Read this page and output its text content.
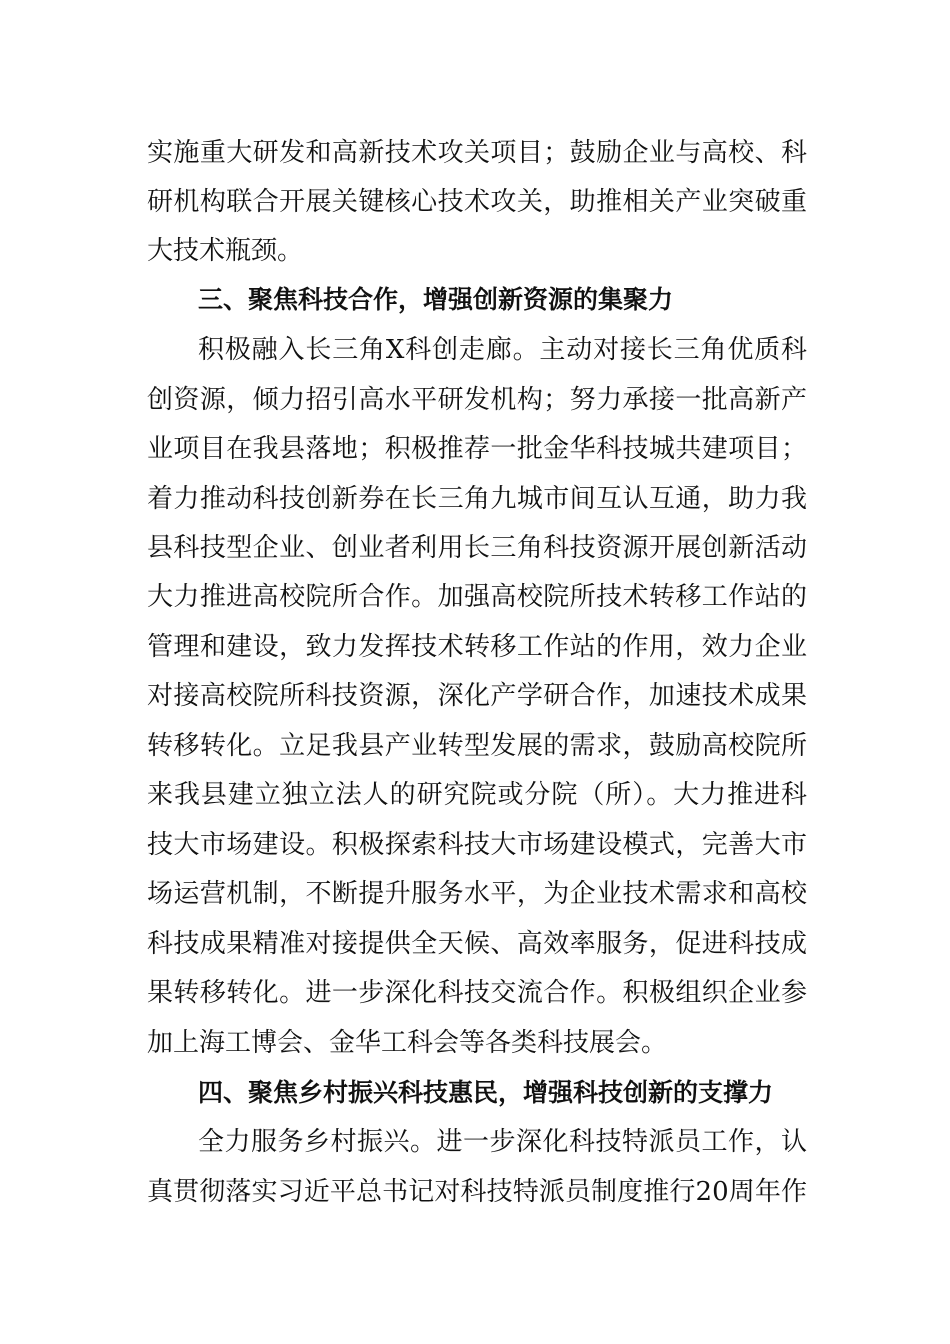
实施重大研发和高新技术攻关项目；鼓励企业与高校、科
研机构联合开展关键核心技术攻关，助推相关产业突破重
大技术瓶颈。
三、聚焦科技合作，增强创新资源的集聚力
积极融入长三角X科创走廊。主动对接长三角优质科
创资源，倾力招引高水平研发机构；努力承接一批高新产
业项目在我县落地；积极推荐一批金华科技城共建项目；
着力推动科技创新券在长三角九城市间互认互通，助力我
县科技型企业、创业者利用长三角科技资源开展创新活动
大力推进高校院所合作。加强高校院所技术转移工作站的
管理和建设，致力发挥技术转移工作站的作用，效力企业
对接高校院所科技资源，深化产学研合作，加速技术成果
转移转化。立足我县产业转型发展的需求，鼓励高校院所
来我县建立独立法人的研究院或分院（所）。大力推进科
技大市场建设。积极探索科技大市场建设模式，完善大市
场运营机制，不断提升服务水平，为企业技术需求和高校
科技成果精准对接提供全天候、高效率服务，促进科技成
果转移转化。进一步深化科技交流合作。积极组织企业参
加上海工博会、金华工科会等各类科技展会。
四、聚焦乡村振兴科技惠民，增强科技创新的支撑力
全力服务乡村振兴。进一步深化科技特派员工作，认
真贯彻落实习近平总书记对科技特派员制度推行20周年作
